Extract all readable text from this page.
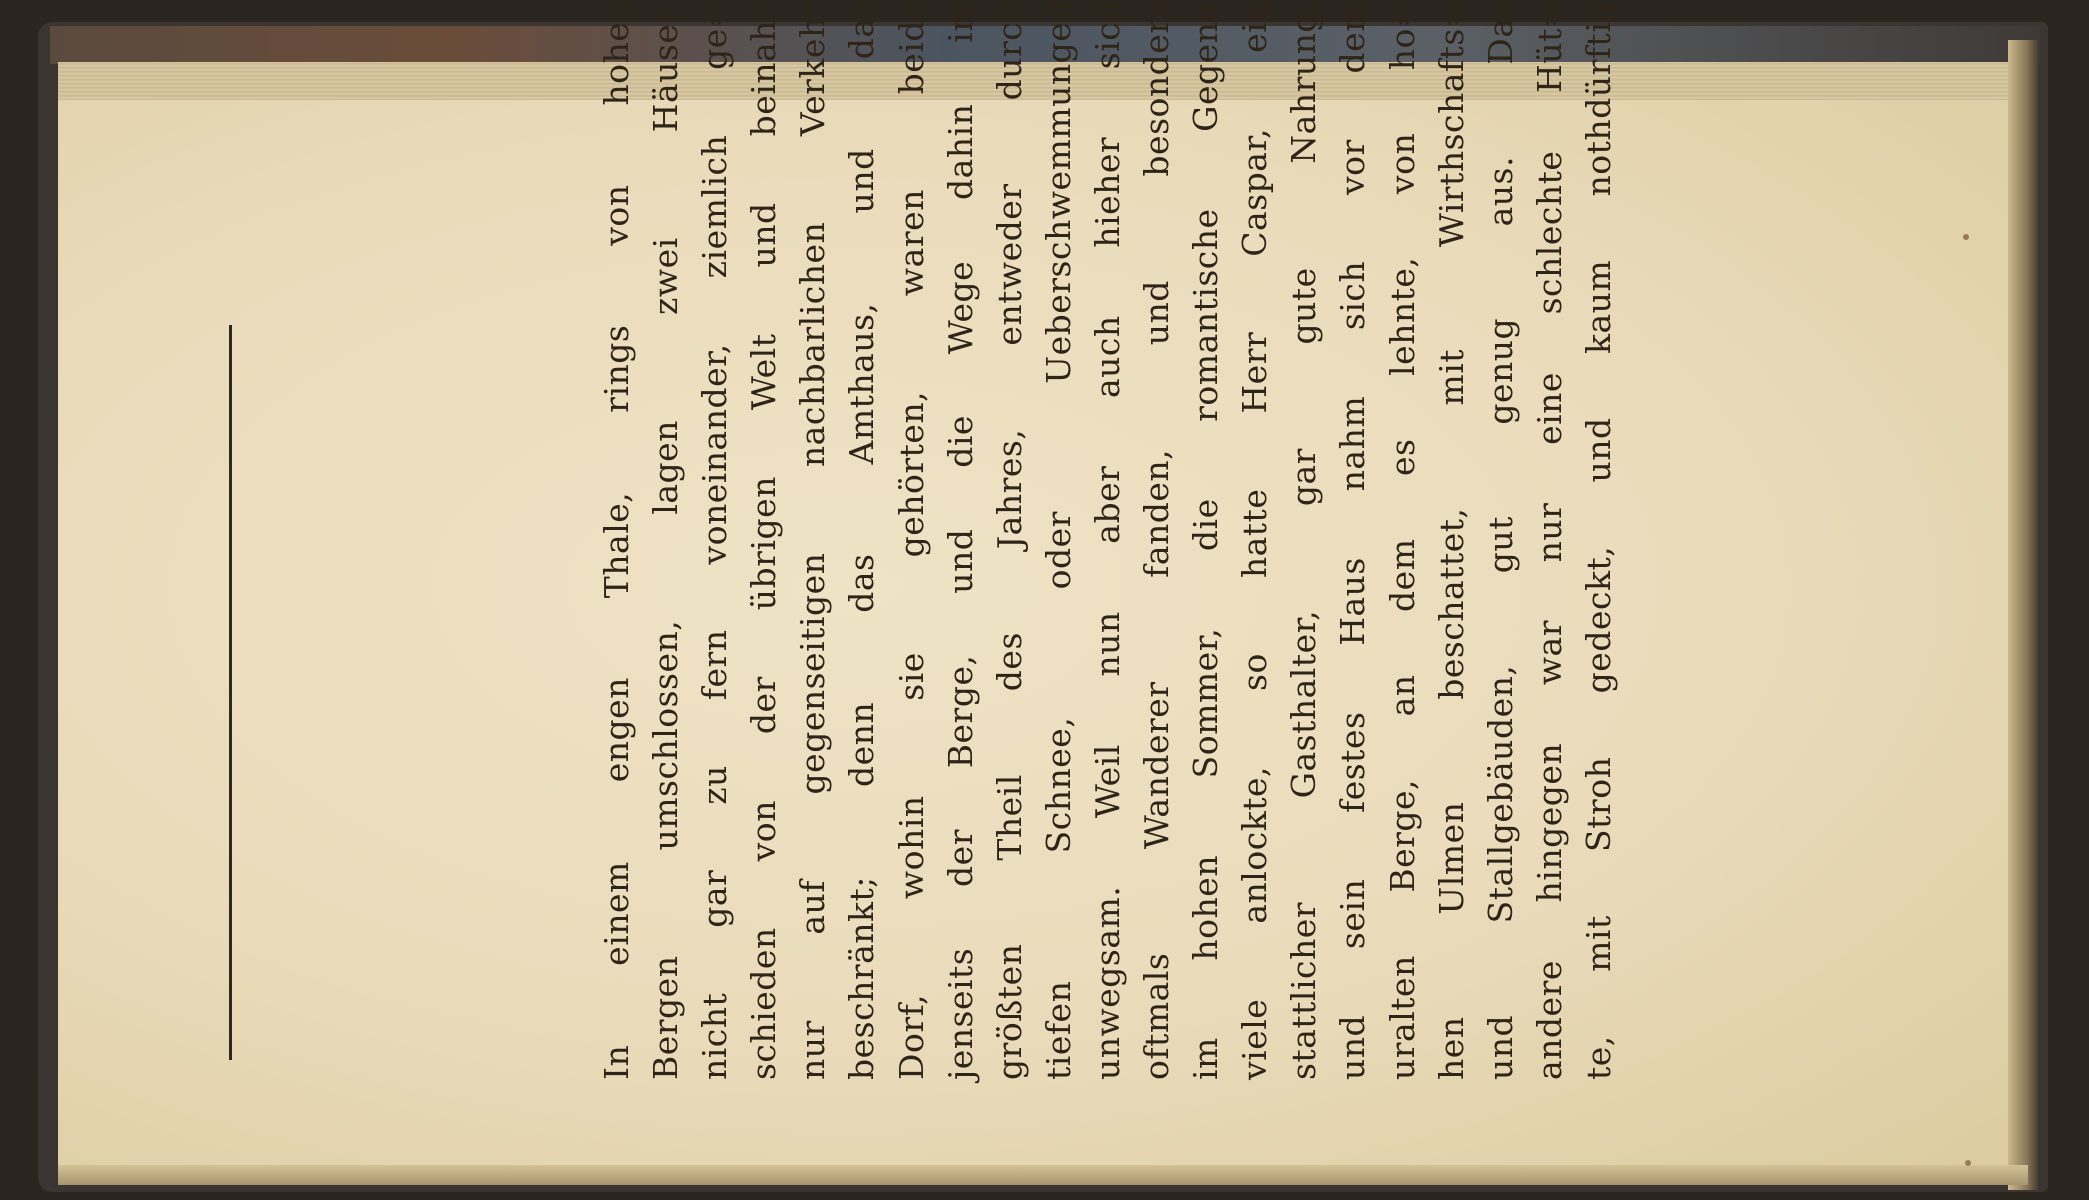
In einem engen Thale, rings von hohen Bergen umschlossen, lagen zwei Häuser, nicht gar zu fern voneinander, ziemlich ge= schieden von der übrigen Welt und beinahe nur auf gegenseitigen nachbarlichen Verkehr beschränkt; denn das Amthaus, und das Dorf, wohin sie gehörten, waren beide jenseits der Berge, und die Wege dahin im größten Theil des Jahres, entweder durch tiefen Schnee, oder Ueberschwemmungen unwegsam. Weil nun aber auch hieher sich oftmals Wanderer fanden, und besonders im hohen Sommer, die romantische Gegend viele anlockte, so hatte Herr Caspar, ein stattlicher Gasthalter, gar gute Nahrung, und sein festes Haus nahm sich vor dem uralten Berge, an dem es lehnte, von ho= hen Ulmen beschattet, mit Wirthschafts= und Stallgebäuden, gut genug aus. Das andere hingegen war nur eine schlechte Hüt= te, mit Stroh gedeckt, und kaum nothdürftig
